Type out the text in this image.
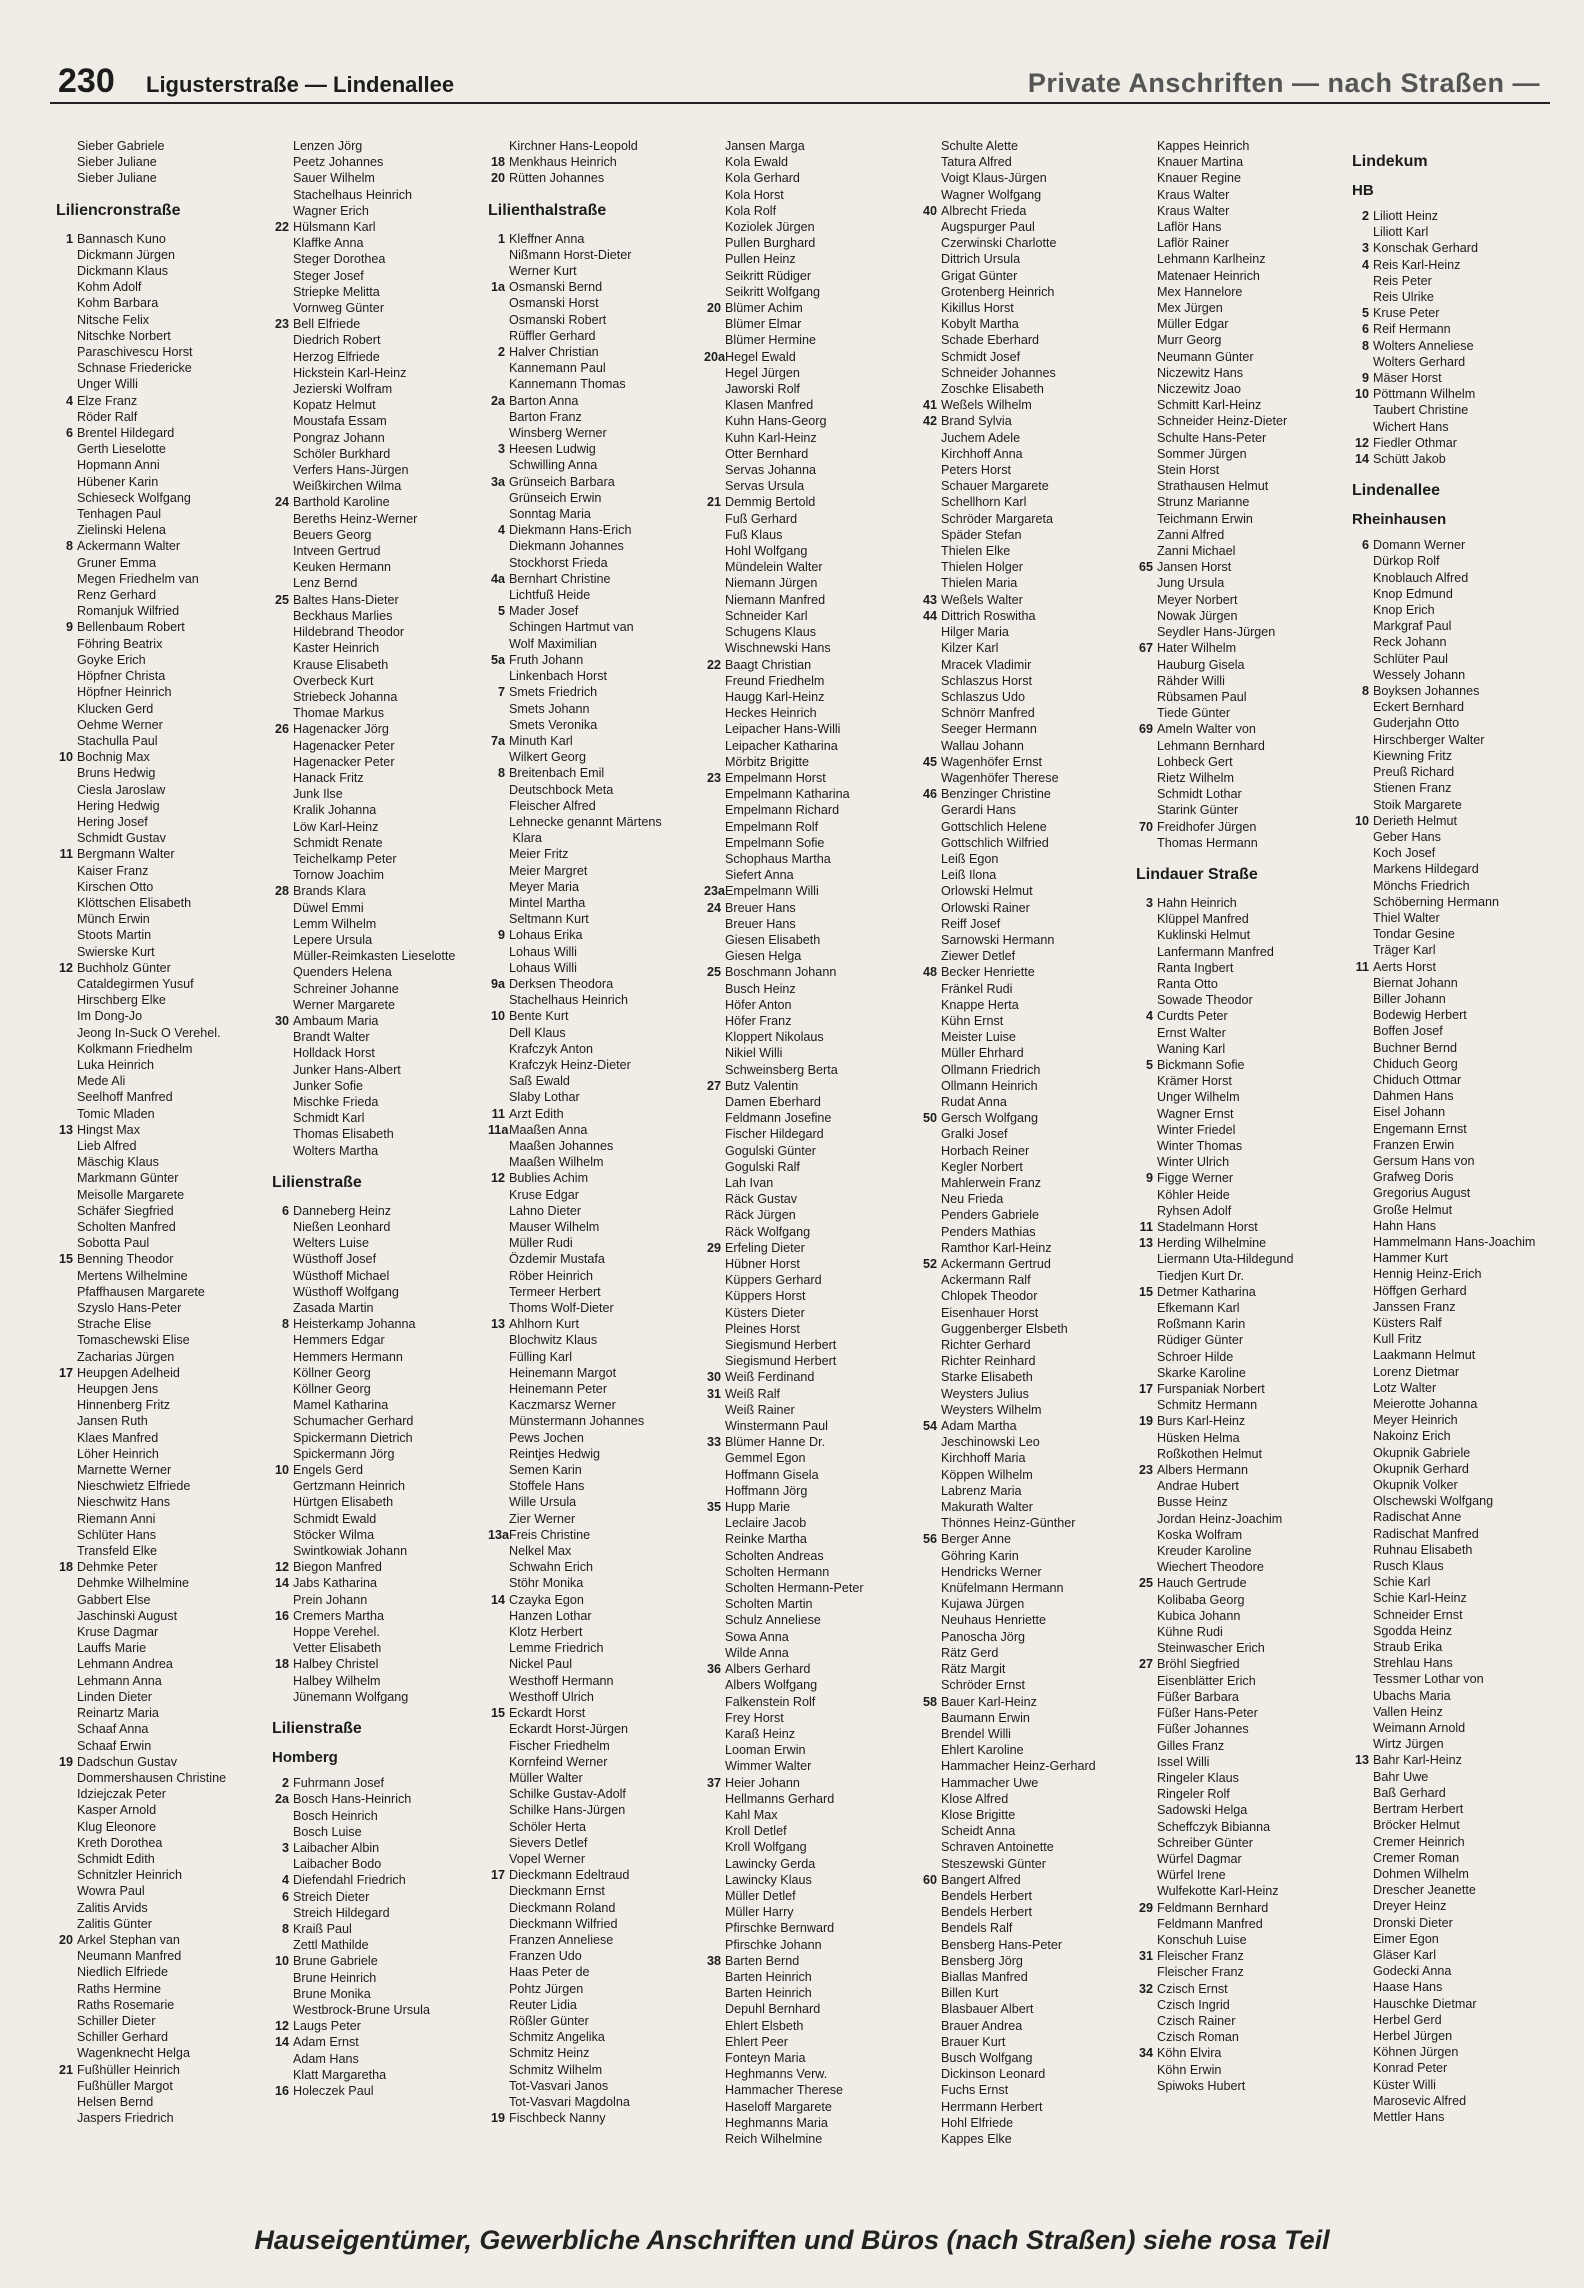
230 Ligusterstraße — Lindenallee	Private Anschriften — nach Straßen —
Sieber Gabriele
Sieber Juliane
Sieber Juliane
Liliencronstraße
1 Bannasch Kuno
Dickmann Jürgen
Dickmann Klaus
Kohm Adolf
Kohm Barbara
Nitsche Felix
Nitschke Norbert
Paraschivescu Horst
Schnase Friedericke
Unger Willi
4 Elze Franz
Röder Ralf
6 Brentel Hildegard
Gerth Lieselotte
Hopmann Anni
Hübener Karin
Schieseck Wolfgang
Tenhagen Paul
Zielinski Helena
8 Ackermann Walter
Gruner Emma
Megen Friedhelm van
Renz Gerhard
Romanjuk Wilfried
9 Bellenbaum Robert
Föhring Beatrix
Goyke Erich
Höpfner Christa
Höpfner Heinrich
Klucken Gerd
Oehme Werner
Stachulla Paul
10 Bochnig Max
Bruns Hedwig
Ciesla Jaroslaw
Hering Hedwig
Hering Josef
Schmidt Gustav
11 Bergmann Walter
Kaiser Franz
Kirschen Otto
Klöttschen Elisabeth
Münch Erwin
Stoots Martin
Swierske Kurt
12 Buchholz Günter
Cataldegirmen Yusuf
Hirschberg Elke
Im Dong-Jo
Jeong In-Suck O Verehel.
Kolkmann Friedhelm
Luka Heinrich
Mede Ali
Seelhoff Manfred
Tomic Mladen
13 Hingst Max
Lieb Alfred
Mäschig Klaus
Markmann Günter
Meisolle Margarete
Schäfer Siegfried
Scholten Manfred
Sobotta Paul
15 Benning Theodor
Mertens Wilhelmine
Pfaffhausen Margarete
Szyslo Hans-Peter
Strache Elise
Tomaschewski Elise
Zacharias Jürgen
17 Heupgen Adelheid
Heupgen Jens
Hinnenberg Fritz
Jansen Ruth
Klaes Manfred
Löher Heinrich
Marnette Werner
Nieschwietz Elfriede
Nieschwitz Hans
Riemann Anni
Schlüter Hans
Transfeld Elke
18 Dehmke Peter
Dehmke Wilhelmine
Gabbert Else
Jaschinski August
Kruse Dagmar
Lauffs Marie
Lehmann Andrea
Lehmann Anna
Linden Dieter
Reinartz Maria
Schaaf Anna
Schaaf Erwin
19 Dadschun Gustav
Dommershausen Christine
Idziejczak Peter
Kasper Arnold
Klug Eleonore
Kreth Dorothea
Schmidt Edith
Schnitzler Heinrich
Wowra Paul
Zalitis Arvids
Zalitis Günter
20 Arkel Stephan van
Neumann Manfred
Niedlich Elfriede
Raths Hermine
Raths Rosemarie
Schiller Dieter
Schiller Gerhard
Wagenknecht Helga
21 Fußhüller Heinrich
Fußhüller Margot
Helsen Bernd
Jaspers Friedrich
Lenzen Jörg
Peetz Johannes
Sauer Wilhelm
Stachelhaus Heinrich
Wagner Erich
22 Hülsmann Karl
Klaffke Anna
Steger Dorothea
Steger Josef
Striepke Melitta
Vornweg Günter
23 Bell Elfriede
Diedrich Robert
Herzog Elfriede
Hickstein Karl-Heinz
Jezierski Wolfram
Kopatz Helmut
Moustafa Essam
Pongraz Johann
Schöler Burkhard
Verfers Hans-Jürgen
Weißkirchen Wilma
24 Barthold Karoline
Bereths Heinz-Werner
Beuers Georg
Intveen Gertrud
Keuken Hermann
Lenz Bernd
25 Baltes Hans-Dieter
Beckhaus Marlies
Hildebrand Theodor
Kaster Heinrich
Krause Elisabeth
Overbeck Kurt
Striebeck Johanna
Thomae Markus
26 Hagenacker Jörg
Hagenacker Peter
Hagenacker Peter
Hanack Fritz
Junk Ilse
Kralik Johanna
Löw Karl-Heinz
Schmidt Renate
Teichelkamp Peter
Tornow Joachim
28 Brands Klara
Düwel Emmi
Lemm Wilhelm
Lepere Ursula
Müller-Reimkasten Lieselotte
Quenders Helena
Schreiner Johanne
Werner Margarete
30 Ambaum Maria
Brandt Walter
Holldack Horst
Junker Hans-Albert
Junker Sofie
Mischke Frieda
Schmidt Karl
Thomas Elisabeth
Wolters Martha
Lilienstraße
6 Danneberg Heinz
Nießen Leonhard
Welters Luise
Wüsthoff Josef
Wüsthoff Michael
Wüsthoff Wolfgang
Zasada Martin
8 Heisterkamp Johanna
Hemmers Edgar
Hemmers Hermann
Köllner Georg
Köllner Georg
Mamel Katharina
Schumacher Gerhard
Spickermann Dietrich
Spickermann Jörg
10 Engels Gerd
Gertzmann Heinrich
Hürtgen Elisabeth
Schmidt Ewald
Stöcker Wilma
Swintkowiak Johann
12 Biegon Manfred
14 Jabs Katharina
Prein Johann
16 Cremers Martha
Hoppe Verehel.
Vetter Elisabeth
18 Halbey Christel
Halbey Wilhelm
Jünemann Wolfgang
Lilienstraße
Homberg
2 Fuhrmann Josef
2a Bosch Hans-Heinrich
Bosch Heinrich
Bosch Luise
3 Laibacher Albin
Laibacher Bodo
4 Diefendahl Friedrich
6 Streich Dieter
Streich Hildegard
8 Kraiß Paul
Zettl Mathilde
10 Brune Gabriele
Brune Heinrich
Brune Monika
Westbrock-Brune Ursula
12 Laugs Peter
14 Adam Ernst
Adam Hans
Klatt Margaretha
16 Holeczek Paul
Kirchner Hans-Leopold
18 Menkhaus Heinrich
20 Rütten Johannes
Lilienthalstraße
1 Kleffner Anna
Nißmann Horst-Dieter
Werner Kurt
1a Osmanski Bernd
Osmanski Horst
Osmanski Robert
Rüffler Gerhard
2 Halver Christian
Kannemann Paul
Kannemann Thomas
2a Barton Anna
Barton Franz
Winsberg Werner
3 Heesen Ludwig
Schwilling Anna
3a Grünseich Barbara
Grünseich Erwin
Sonntag Maria
4 Diekmann Hans-Erich
Diekmann Johannes
Stockhorst Frieda
4a Bernhart Christine
Lichtfuß Heide
5 Mader Josef
Schingen Hartmut van
Wolf Maximilian
5a Fruth Johann
Linkenbach Horst
7 Smets Friedrich
Smets Johann
Smets Veronika
7a Minuth Karl
Wilkert Georg
8 Breitenbach Emil
Deutschbock Meta
Fleischer Alfred
Lehnecke genannt Märtens
Klara
Meier Fritz
Meier Margret
Meyer Maria
Mintel Martha
Seltmann Kurt
9 Lohaus Erika
Lohaus Willi
Lohaus Willi
9a Derksen Theodora
Stachelhaus Heinrich
10 Bente Kurt
Dell Klaus
Krafczyk Anton
Krafczyk Heinz-Dieter
Saß Ewald
Slaby Lothar
11 Arzt Edith
11aMaaßen Anna
Maaßen Johannes
Maaßen Wilhelm
12 Bublies Achim
Kruse Edgar
Lahno Dieter
Mauser Wilhelm
Müller Rudi
Özdemir Mustafa
Röber Heinrich
Termeer Herbert
Thoms Wolf-Dieter
13 Ahlhorn Kurt
Blochwitz Klaus
Fülling Karl
Heinemann Margot
Heinemann Peter
Kaczmarsz Werner
Münstermann Johannes
Pews Jochen
Reintjes Hedwig
Semen Karin
Stoffele Hans
Wille Ursula
Zier Werner
13aFreis Christine
Nelkel Max
Schwahn Erich
Stöhr Monika
14 Czayka Egon
Hanzen Lothar
Klotz Herbert
Lemme Friedrich
Nickel Paul
Westhoff Hermann
Westhoff Ulrich
15 Eckardt Horst
Eckardt Horst-Jürgen
Fischer Friedhelm
Kornfeind Werner
Müller Walter
Schilke Gustav-Adolf
Schilke Hans-Jürgen
Schöler Herta
Sievers Detlef
Vopel Werner
17 Dieckmann Edeltraud
Dieckmann Ernst
Dieckmann Roland
Dieckmann Wilfried
Franzen Anneliese
Franzen Udo
Haas Peter de
Pohtz Jürgen
Reuter Lidia
Rößler Günter
Schmitz Angelika
Schmitz Heinz
Schmitz Wilhelm
Tot-Vasvari Janos
Tot-Vasvari Magdolna
19 Fischbeck Nanny
Jansen Marga
Kola Ewald
Kola Gerhard
Kola Horst
Kola Rolf
Koziolek Jürgen
Pullen Burghard
Pullen Heinz
Seikritt Rüdiger
Seikritt Wolfgang
20 Blümer Achim
Blümer Elmar
Blümer Hermine
20aHegel Ewald
Hegel Jürgen
Jaworski Rolf
Klasen Manfred
Kuhn Hans-Georg
Kuhn Karl-Heinz
Otter Bernhard
Servas Johanna
Servas Ursula
21 Demmig Bertold
Fuß Gerhard
Fuß Klaus
Hohl Wolfgang
Mündelein Walter
Niemann Jürgen
Niemann Manfred
Schneider Karl
Schugens Klaus
Wischnewski Hans
22 Baagt Christian
Freund Friedhelm
Haugg Karl-Heinz
Heckes Heinrich
Leipacher Hans-Willi
Leipacher Katharina
Mörbitz Brigitte
23 Empelmann Horst
Empelmann Katharina
Empelmann Richard
Empelmann Rolf
Empelmann Sofie
Schophaus Martha
Siefert Anna
23aEmpelmann Willi
24 Breuer Hans
Breuer Hans
Giesen Elisabeth
Giesen Helga
25 Boschmann Johann
Busch Heinz
Höfer Anton
Höfer Franz
Kloppert Nikolaus
Nikiel Willi
Schweinsberg Berta
27 Butz Valentin
Damen Eberhard
Feldmann Josefine
Fischer Hildegard
Gogulski Günter
Gogulski Ralf
Lah Ivan
Räck Gustav
Räck Jürgen
Räck Wolfgang
29 Erfeling Dieter
Hübner Horst
Küppers Gerhard
Küppers Horst
Küsters Dieter
Pleines Horst
Siegismund Herbert
Siegismund Herbert
30 Weiß Ferdinand
31 Weiß Ralf
Weiß Rainer
Winstermann Paul
33 Blümer Hanne Dr.
Gemmel Egon
Hoffmann Gisela
Hoffmann Jörg
35 Hupp Marie
Leclaire Jacob
Reinke Martha
Scholten Andreas
Scholten Hermann
Scholten Hermann-Peter
Scholten Martin
Schulz Anneliese
Sowa Anna
Wilde Anna
36 Albers Gerhard
Albers Wolfgang
Falkenstein Rolf
Frey Horst
Karaß Heinz
Looman Erwin
Wimmer Walter
37 Heier Johann
Hellmanns Gerhard
Kahl Max
Kroll Detlef
Kroll Wolfgang
Lawincky Gerda
Lawincky Klaus
Müller Detlef
Müller Harry
Pfirschke Bernward
Pfirschke Johann
38 Barten Bernd
Barten Heinrich
Barten Heinrich
Depuhl Bernhard
Ehlert Elsbeth
Ehlert Peer
Fonteyn Maria
Heghmanns Verw.
Hammacher Therese
Haseloff Margarete
Heghmanns Maria
Reich Wilhelmine
Schulte Alette
Tatura Alfred
Voigt Klaus-Jürgen
Wagner Wolfgang
40 Albrecht Frieda
Augspurger Paul
Czerwinski Charlotte
Dittrich Ursula
Grigat Günter
Grotenberg Heinrich
Kikillus Horst
Kobylt Martha
Schade Eberhard
Schmidt Josef
Schneider Johannes
Zoschke Elisabeth
41 Weßels Wilhelm
42 Brand Sylvia
Juchem Adele
Kirchhoff Anna
Peters Horst
Schauer Margarete
Schellhorn Karl
Schröder Margareta
Späder Stefan
Thielen Elke
Thielen Holger
Thielen Maria
43 Weßels Walter
44 Dittrich Roswitha
Hilger Maria
Kilzer Karl
Mracek Vladimir
Schlaszus Horst
Schlaszus Udo
Schnörr Manfred
Seeger Hermann
Wallau Johann
45 Wagenhöfer Ernst
Wagenhöfer Therese
46 Benzinger Christine
Gerardi Hans
Gottschlich Helene
Gottschlich Wilfried
Leiß Egon
Leiß Ilona
Orlowski Helmut
Orlowski Rainer
Reiff Josef
Sarnowski Hermann
Ziewer Detlef
48 Becker Henriette
Fränkel Rudi
Knappe Herta
Kühn Ernst
Meister Luise
Müller Ehrhard
Ollmann Friedrich
Ollmann Heinrich
Rudat Anna
50 Gersch Wolfgang
Gralki Josef
Horbach Reiner
Kegler Norbert
Mahlerwein Franz
Neu Frieda
Penders Gabriele
Penders Mathias
Ramthor Karl-Heinz
52 Ackermann Gertrud
Ackermann Ralf
Chlopek Theodor
Eisenhauer Horst
Guggenberger Elsbeth
Richter Gerhard
Richter Reinhard
Starke Elisabeth
Weysters Julius
Weysters Wilhelm
54 Adam Martha
Jeschinowski Leo
Kirchhoff Maria
Köppen Wilhelm
Labrenz Maria
Makurath Walter
Thönnes Heinz-Günther
56 Berger Anne
Göhring Karin
Hendricks Werner
Knüfelmann Hermann
Kujawa Jürgen
Neuhaus Henriette
Panoscha Jörg
Rätz Gerd
Rätz Margit
Schröder Ernst
58 Bauer Karl-Heinz
Baumann Erwin
Brendel Willi
Ehlert Karoline
Hammacher Heinz-Gerhard
Hammacher Uwe
Klose Alfred
Klose Brigitte
Scheidt Anna
Schraven Antoinette
Steszewski Günter
60 Bangert Alfred
Bendels Herbert
Bendels Herbert
Bendels Ralf
Bensberg Hans-Peter
Bensberg Jörg
Biallas Manfred
Billen Kurt
Blasbauer Albert
Brauer Andrea
Brauer Kurt
Busch Wolfgang
Dickinson Leonard
Fuchs Ernst
Herrmann Herbert
Hohl Elfriede
Kappes Elke
Kappes Heinrich
Knauer Martina
Knauer Regine
Kraus Walter
Kraus Walter
Laflör Hans
Laflör Rainer
Lehmann Karlheinz
Matenaer Heinrich
Mex Hannelore
Mex Jürgen
Müller Edgar
Murr Georg
Neumann Günter
Niczewitz Hans
Niczewitz Joao
Schmitt Karl-Heinz
Schneider Heinz-Dieter
Schulte Hans-Peter
Sommer Jürgen
Stein Horst
Strathausen Helmut
Strunz Marianne
Teichmann Erwin
Zanni Alfred
Zanni Michael
65 Jansen Horst
Jung Ursula
Meyer Norbert
Nowak Jürgen
Seydler Hans-Jürgen
67 Hater Wilhelm
Hauburg Gisela
Rähder Willi
Rübsamen Paul
Tiede Günter
69 Ameln Walter von
Lehmann Bernhard
Lohbeck Gert
Rietz Wilhelm
Schmidt Lothar
Starink Günter
70 Freidhofer Jürgen
Thomas Hermann
Lindauer Straße
3 Hahn Heinrich
Klüppel Manfred
Kuklinski Helmut
Lanfermann Manfred
Ranta Ingbert
Ranta Otto
Sowade Theodor
4 Curdts Peter
Ernst Walter
Waning Karl
5 Bickmann Sofie
Krämer Horst
Unger Wilhelm
Wagner Ernst
Winter Friedel
Winter Thomas
Winter Ulrich
9 Figge Werner
Köhler Heide
Ryhsen Adolf
11 Stadelmann Horst
13 Herding Wilhelmine
Liermann Uta-Hildegund
Tiedjen Kurt Dr.
15 Detmer Katharina
Efkemann Karl
Roßmann Karin
Rüdiger Günter
Schroer Hilde
Skarke Karoline
17 Furspaniak Norbert
Schmitz Hermann
19 Burs Karl-Heinz
Hüsken Helma
Roßkothen Helmut
23 Albers Hermann
Andrae Hubert
Busse Heinz
Jordan Heinz-Joachim
Koska Wolfram
Kreuder Karoline
Wiechert Theodore
25 Hauch Gertrude
Kolibaba Georg
Kubica Johann
Kühne Rudi
Steinwascher Erich
27 Bröhl Siegfried
Eisenblätter Erich
Füßer Barbara
Füßer Hans-Peter
Füßer Johannes
Gilles Franz
Issel Willi
Ringeler Klaus
Ringeler Rolf
Sadowski Helga
Scheffczyk Bibianna
Schreiber Günter
Würfel Dagmar
Würfel Irene
Wulfekotte Karl-Heinz
29 Feldmann Bernhard
Feldmann Manfred
Konschuh Luise
31 Fleischer Franz
Fleischer Franz
32 Czisch Ernst
Czisch Ingrid
Czisch Rainer
Czisch Roman
34 Köhn Elvira
Köhn Erwin
Spiwoks Hubert
Lindekum
HB
2 Liliott Heinz
Liliott Karl
3 Konschak Gerhard
4 Reis Karl-Heinz
Reis Peter
Reis Ulrike
5 Kruse Peter
6 Reif Hermann
8 Wolters Anneliese
Wolters Gerhard
9 Mäser Horst
10 Pöttmann Wilhelm
Taubert Christine
Wichert Hans
12 Fiedler Othmar
14 Schütt Jakob
Lindenallee
Rheinhausen
6 Domann Werner
Dürkop Rolf
Knoblauch Alfred
Knop Edmund
Knop Erich
Markgraf Paul
Reck Johann
Schlüter Paul
Wessely Johann
8 Boyksen Johannes
Eckert Bernhard
Guderjahn Otto
Hirschberger Walter
Kiewning Fritz
Preuß Richard
Stienen Franz
Stoik Margarete
10 Derieth Helmut
Geber Hans
Koch Josef
Markens Hildegard
Mönchs Friedrich
Schöberning Hermann
Thiel Walter
Tondar Gesine
Träger Karl
11 Aerts Horst
Biernat Johann
Biller Johann
Bodewig Herbert
Boffen Josef
Buchner Bernd
Chiduch Georg
Chiduch Ottmar
Dahmen Hans
Eisel Johann
Engemann Ernst
Franzen Erwin
Gersum Hans von
Grafweg Doris
Gregorius August
Große Helmut
Hahn Hans
Hammelmann Hans-Joachim
Hammer Kurt
Hennig Heinz-Erich
Höffgen Gerhard
Janssen Franz
Küsters Ralf
Kull Fritz
Laakmann Helmut
Lorenz Dietmar
Lotz Walter
Meierotte Johanna
Meyer Heinrich
Nakoinz Erich
Okupnik Gabriele
Okupnik Gerhard
Okupnik Volker
Olschewski Wolfgang
Radischat Anne
Radischat Manfred
Ruhnau Elisabeth
Rusch Klaus
Schie Karl
Schie Karl-Heinz
Schneider Ernst
Sgodda Heinz
Straub Erika
Strehlau Hans
Tessmer Lothar von
Ubachs Maria
Vallen Heinz
Weimann Arnold
Wirtz Jürgen
13 Bahr Karl-Heinz
Bahr Uwe
Baß Gerhard
Bertram Herbert
Bröcker Helmut
Cremer Heinrich
Cremer Roman
Dohmen Wilhelm
Drescher Jeanette
Dreyer Heinz
Dronski Dieter
Eimer Egon
Gläser Karl
Godecki Anna
Haase Hans
Hauschke Dietmar
Herbel Gerd
Herbel Jürgen
Köhnen Jürgen
Konrad Peter
Küster Willi
Marosevic Alfred
Mettler Hans
Hauseigentümer, Gewerbliche Anschriften und Büros (nach Straßen) siehe rosa Teil
